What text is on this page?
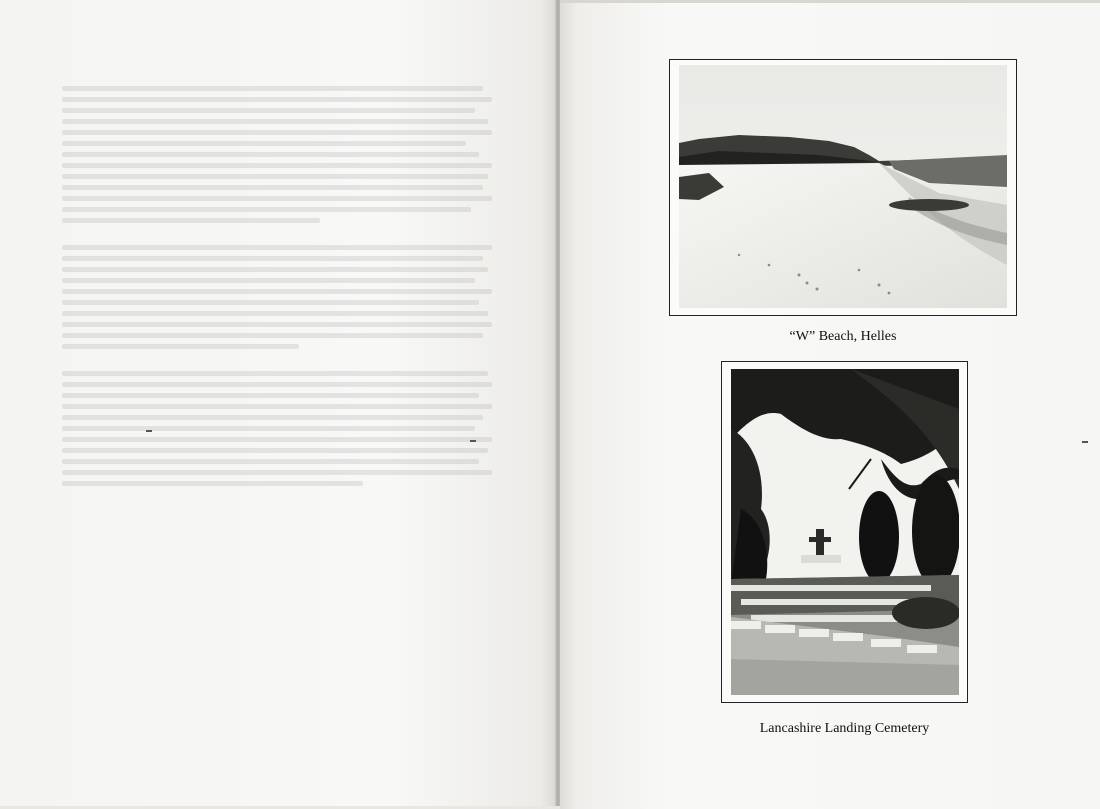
“W” Beach, Helles
Lancashire Landing Cemetery
